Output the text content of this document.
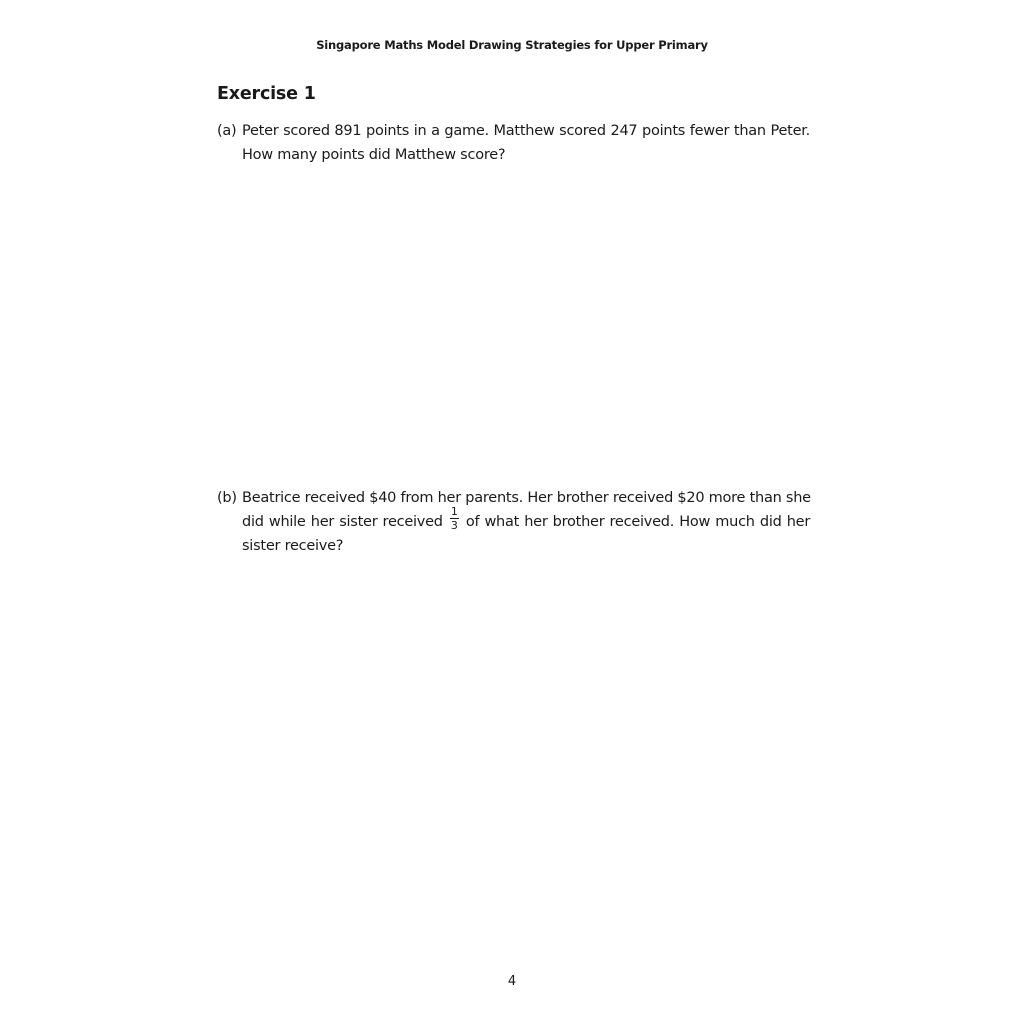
Singapore Maths Model Drawing Strategies for Upper Primary
Exercise 1
(a) Peter scored 891 points in a game. Matthew scored 247 points fewer than Peter.
How many points did Matthew score?
(b) Beatrice received $40 from her parents. Her brother received $20 more than she
did while her sister received $\frac{1}{3}$ of what her brother received. How much did her
sister receive?
4
